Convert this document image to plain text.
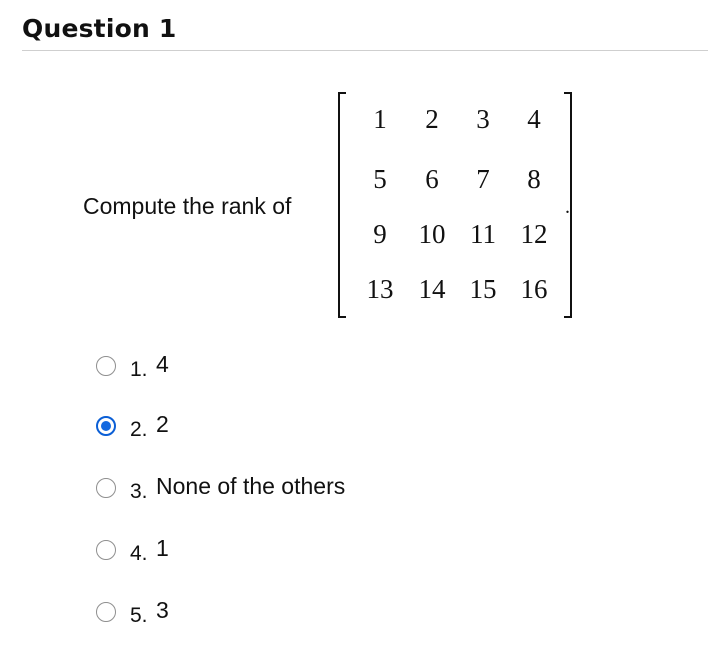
Question 1
Compute the rank of
1	2	3	4
5	6	7	8
9	10 11 12
13 14 15 16
.
1. 4
2. 2
3. None of the others
4. 1
5. 3
